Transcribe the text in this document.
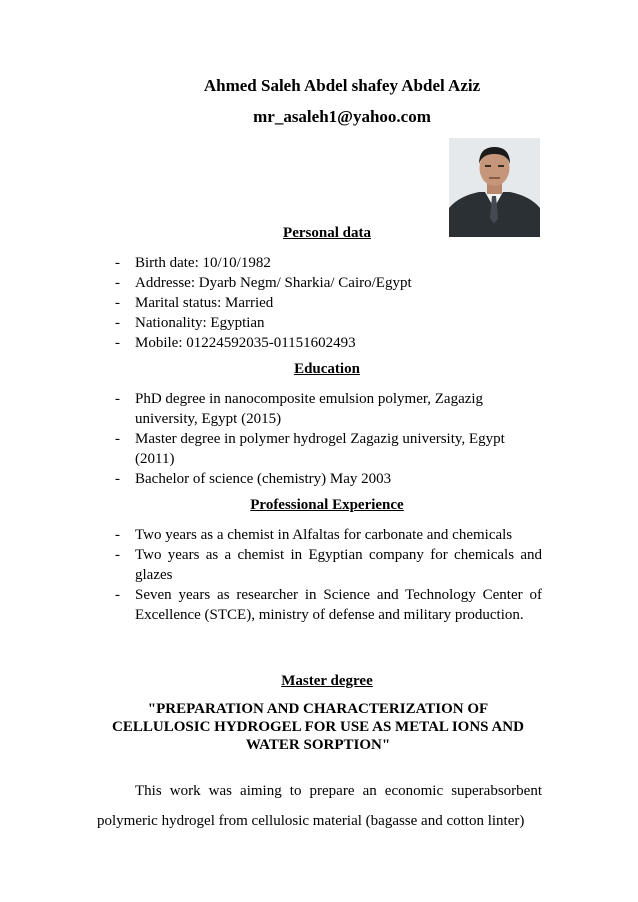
Ahmed Saleh Abdel shafey Abdel Aziz
mr_asaleh1@yahoo.com
Personal data
- Birth date: 10/10/1982
- Addresse: Dyarb Negm/ Sharkia/ Cairo/Egypt
- Marital status: Married
- Nationality: Egyptian
- Mobile: 01224592035-01151602493
Education
- PhD degree in nanocomposite emulsion polymer, Zagazig university, Egypt (2015)
- Master degree in polymer hydrogel Zagazig university, Egypt (2011)
- Bachelor of science (chemistry) May 2003
Professional Experience
- Two years as a chemist in Alfaltas for carbonate and chemicals
- Two years as a chemist in Egyptian company for chemicals and glazes
- Seven years as researcher in Science and Technology Center of Excellence (STCE), ministry of defense and military production.
Master degree
"PREPARATION AND CHARACTERIZATION OF CELLULOSIC HYDROGEL FOR USE AS METAL IONS AND WATER SORPTION"
This work was aiming to prepare an economic superabsorbent polymeric hydrogel from cellulosic material (bagasse and cotton linter)
